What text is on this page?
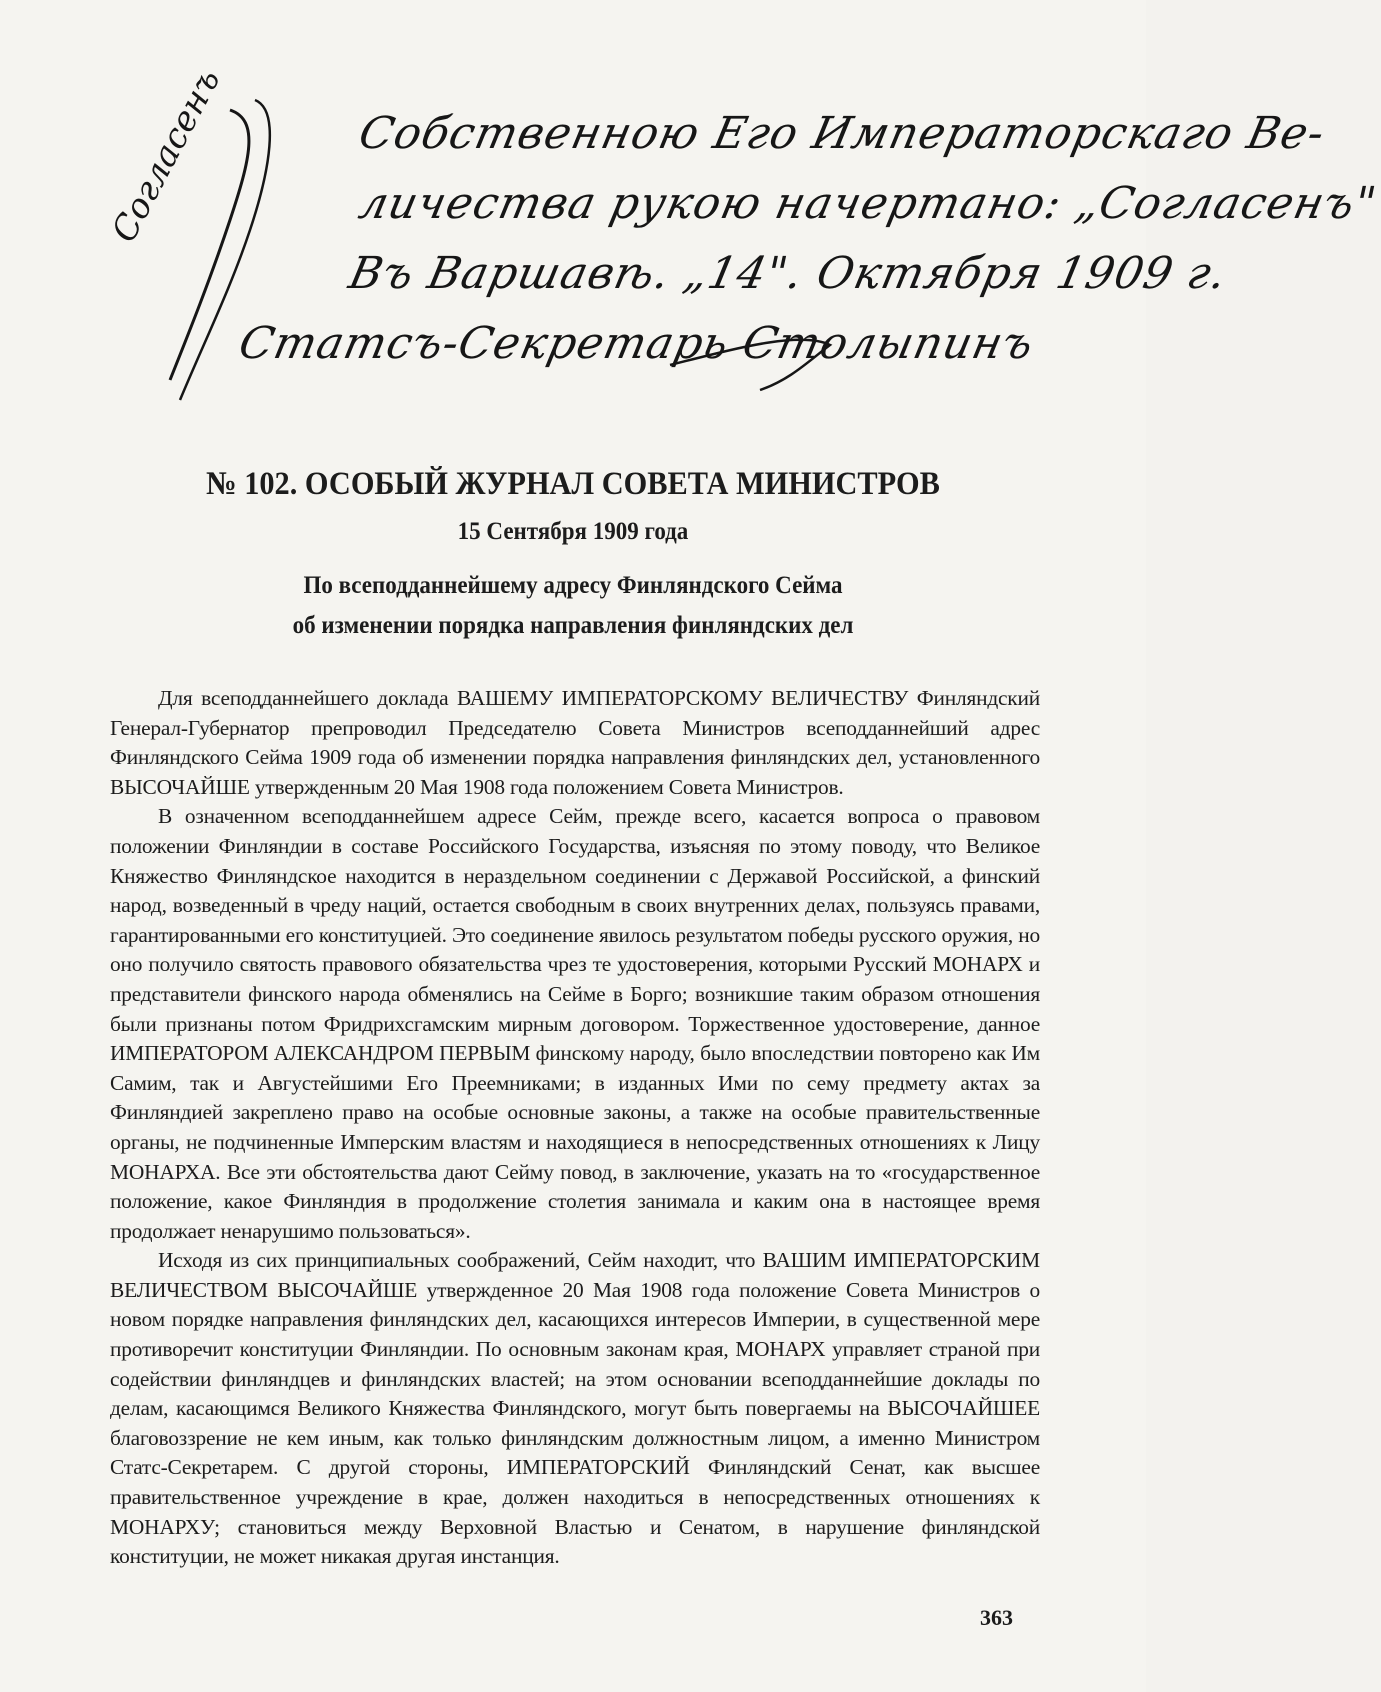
Согласенъ	Собственною Его Императорскаго Ве-
личества рукою начертано: „Согласенъ"
Въ Варшавѣ. „14". Октября 1909 г.
Статсъ-Секретарь Столыпинъ
№ 102. ОСОБЫЙ ЖУРНАЛ СОВЕТА МИНИСТРОВ
15 Сентября 1909 года
По всеподданнейшему адресу Финляндского Сейма
об изменении порядка направления финляндских дел

Для всеподданнейшего доклада ВАШЕМУ ИМПЕРАТОРСКОМУ ВЕЛИЧЕСТВУ Финляндский Генерал-Губернатор препроводил Председателю Совета Министров всеподданнейший адрес Финляндского Сейма 1909 года об изменении порядка направления финляндских дел, установленного ВЫСОЧАЙШЕ утвержденным 20 Мая 1908 года положением Совета Министров.

В означенном всеподданнейшем адресе Сейм, прежде всего, касается вопроса о правовом положении Финляндии в составе Российского Государства, изъясняя по этому поводу, что Великое Княжество Финляндское находится в нераздельном соединении с Державой Российской, а финский народ, возведенный в чреду наций, остается свободным в своих внутренних делах, пользуясь правами, гарантированными его конституцией. Это соединение явилось результатом победы русского оружия, но оно получило святость правового обязательства чрез те удостоверения, которыми Русский МОНАРХ и представители финского народа обменялись на Сейме в Борго; возникшие таким образом отношения были признаны потом Фридрихсгамским мирным договором. Торжественное удостоверение, данное ИМПЕРАТОРОМ АЛЕКСАНДРОМ ПЕРВЫМ финскому народу, было впоследствии повторено как Им Самим, так и Августейшими Его Преемниками; в изданных Ими по сему предмету актах за Финляндией закреплено право на особые основные законы, а также на особые правительственные органы, не подчиненные Имперским властям и находящиеся в непосредственных отношениях к Лицу МОНАРХА. Все эти обстоятельства дают Сейму повод, в заключение, указать на то «государственное положение, какое Финляндия в продолжение столетия занимала и каким она в настоящее время продолжает ненарушимо пользоваться».

Исходя из сих принципиальных соображений, Сейм находит, что ВАШИМ ИМПЕРАТОРСКИМ ВЕЛИЧЕСТВОМ ВЫСОЧАЙШЕ утвержденное 20 Мая 1908 года положение Совета Министров о новом порядке направления финляндских дел, касающихся интересов Империи, в существенной мере противоречит конституции Финляндии. По основным законам края, МОНАРХ управляет страной при содействии финляндцев и финляндских властей; на этом основании всеподданнейшие доклады по делам, касающимся Великого Княжества Финляндского, могут быть повергаемы на ВЫСОЧАЙШЕЕ благовоззрение не кем иным, как только финляндским должностным лицом, а именно Министром Статс-Секретарем. С другой стороны, ИМПЕРАТОРСКИЙ Финляндский Сенат, как высшее правительственное учреждение в крае, должен находиться в непосредственных отношениях к МОНАРХУ; становиться между Верховной Властью и Сенатом, в нарушение финляндской конституции, не может никакая другая инстанция.

363
